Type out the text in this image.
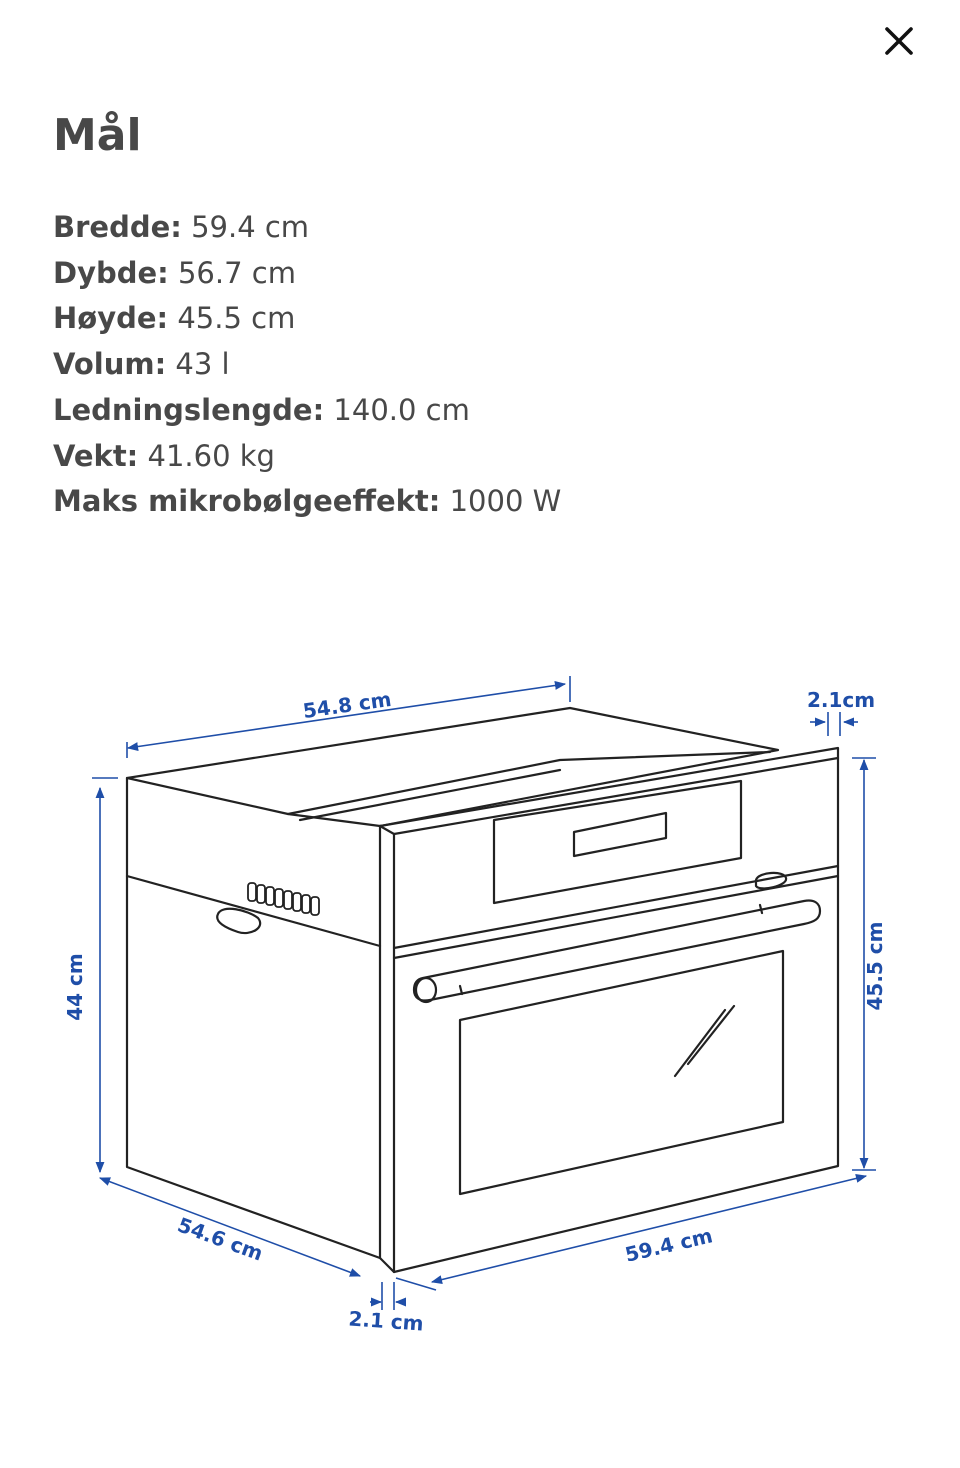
Mål
Bredde: 59.4 cm
Dybde: 56.7 cm
Høyde: 45.5 cm
Volum: 43 l
Ledningslengde: 140.0 cm
Vekt: 41.60 kg
Maks mikrobølgeeffekt: 1000 W
54.8 cm	2.1cm
44 cm	45.5 cm
54.6 cm	59.4 cm
2.1 cm
